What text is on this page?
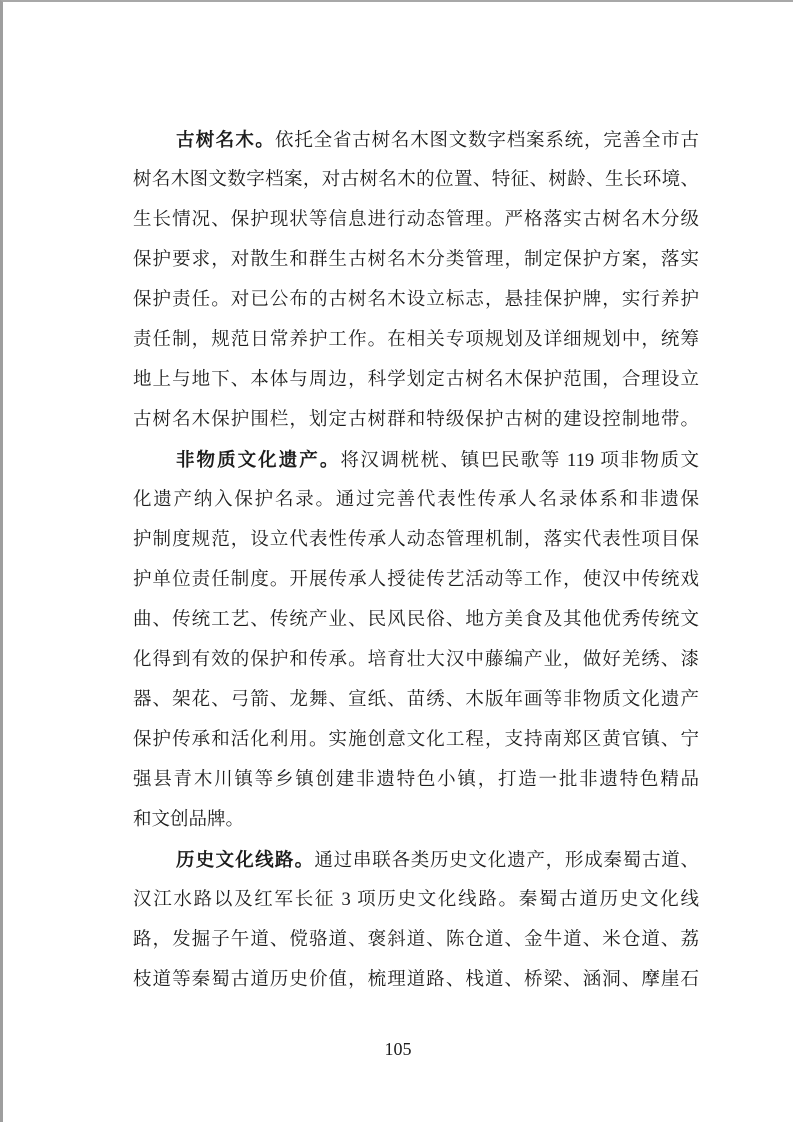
古树名木。依托全省古树名木图文数字档案系统，完善全市古
树名木图文数字档案，对古树名木的位置、特征、树龄、生长环境、
生长情况、保护现状等信息进行动态管理。严格落实古树名木分级
保护要求，对散生和群生古树名木分类管理，制定保护方案，落实
保护责任。对已公布的古树名木设立标志，悬挂保护牌，实行养护
责任制，规范日常养护工作。在相关专项规划及详细规划中，统筹
地上与地下、本体与周边，科学划定古树名木保护范围，合理设立
古树名木保护围栏，划定古树群和特级保护古树的建设控制地带。
非物质文化遗产。将汉调桄桄、镇巴民歌等 119 项非物质文
化遗产纳入保护名录。通过完善代表性传承人名录体系和非遗保
护制度规范，设立代表性传承人动态管理机制，落实代表性项目保
护单位责任制度。开展传承人授徒传艺活动等工作，使汉中传统戏
曲、传统工艺、传统产业、民风民俗、地方美食及其他优秀传统文
化得到有效的保护和传承。培育壮大汉中藤编产业，做好羌绣、漆
器、架花、弓箭、龙舞、宣纸、苗绣、木版年画等非物质文化遗产
保护传承和活化利用。实施创意文化工程，支持南郑区黄官镇、宁
强县青木川镇等乡镇创建非遗特色小镇，打造一批非遗特色精品
和文创品牌。
历史文化线路。通过串联各类历史文化遗产，形成秦蜀古道、
汉江水路以及红军长征 3 项历史文化线路。秦蜀古道历史文化线
路，发掘子午道、傥骆道、褒斜道、陈仓道、金牛道、米仓道、荔
枝道等秦蜀古道历史价值，梳理道路、栈道、桥梁、涵洞、摩崖石
105
